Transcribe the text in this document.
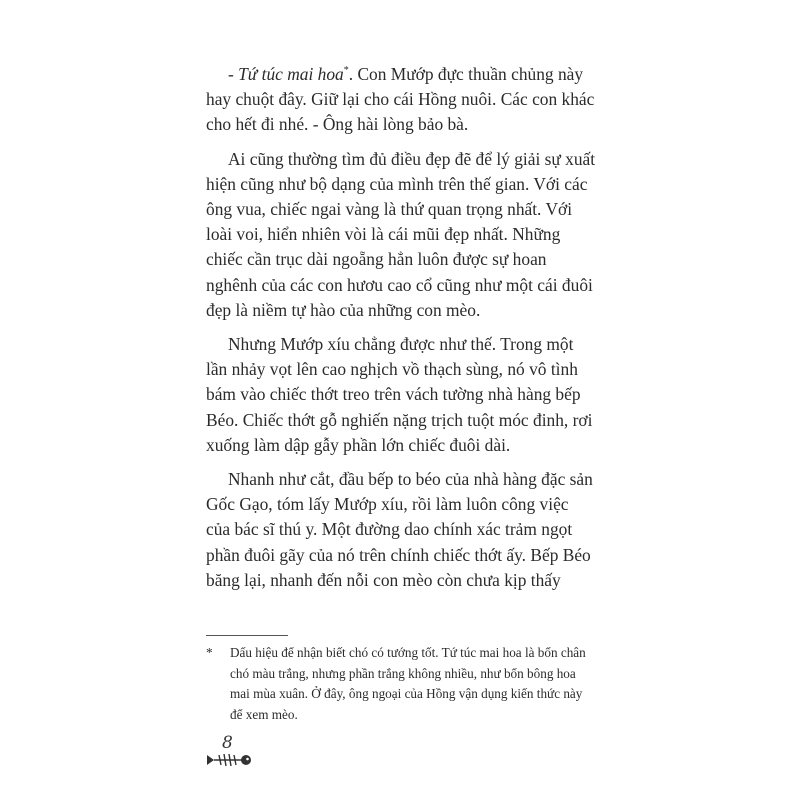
- Tứ túc mai hoa*. Con Mướp đực thuần chủng này hay chuột đây. Giữ lại cho cái Hồng nuôi. Các con khác cho hết đi nhé. - Ông hài lòng bảo bà.

Ai cũng thường tìm đủ điều đẹp đẽ để lý giải sự xuất hiện cũng như bộ dạng của mình trên thế gian. Với các ông vua, chiếc ngai vàng là thứ quan trọng nhất. Với loài voi, hiển nhiên vòi là cái mũi đẹp nhất. Những chiếc cần trục dài ngoẵng hẳn luôn được sự hoan nghênh của các con hươu cao cổ cũng như một cái đuôi đẹp là niềm tự hào của những con mèo.

Nhưng Mướp xíu chẳng được như thế. Trong một lần nhảy vọt lên cao nghịch vồ thạch sùng, nó vô tình bám vào chiếc thớt treo trên vách tường nhà hàng bếp Béo. Chiếc thớt gỗ nghiến nặng trịch tuột móc đinh, rơi xuống làm dập gẫy phần lớn chiếc đuôi dài.

Nhanh như cắt, đầu bếp to béo của nhà hàng đặc sản Gốc Gạo, tóm lấy Mướp xíu, rồi làm luôn công việc của bác sĩ thú y. Một đường dao chính xác trảm ngọt phần đuôi gãy của nó trên chính chiếc thớt ấy. Bếp Béo băng lại, nhanh đến nỗi con mèo còn chưa kịp thấy

* Dấu hiệu để nhận biết chó có tướng tốt. Tứ túc mai hoa là bốn chân chó màu trắng, nhưng phần trắng không nhiều, như bốn bông hoa mai mùa xuân. Ở đây, ông ngoại của Hồng vận dụng kiến thức này để xem mèo.
8
